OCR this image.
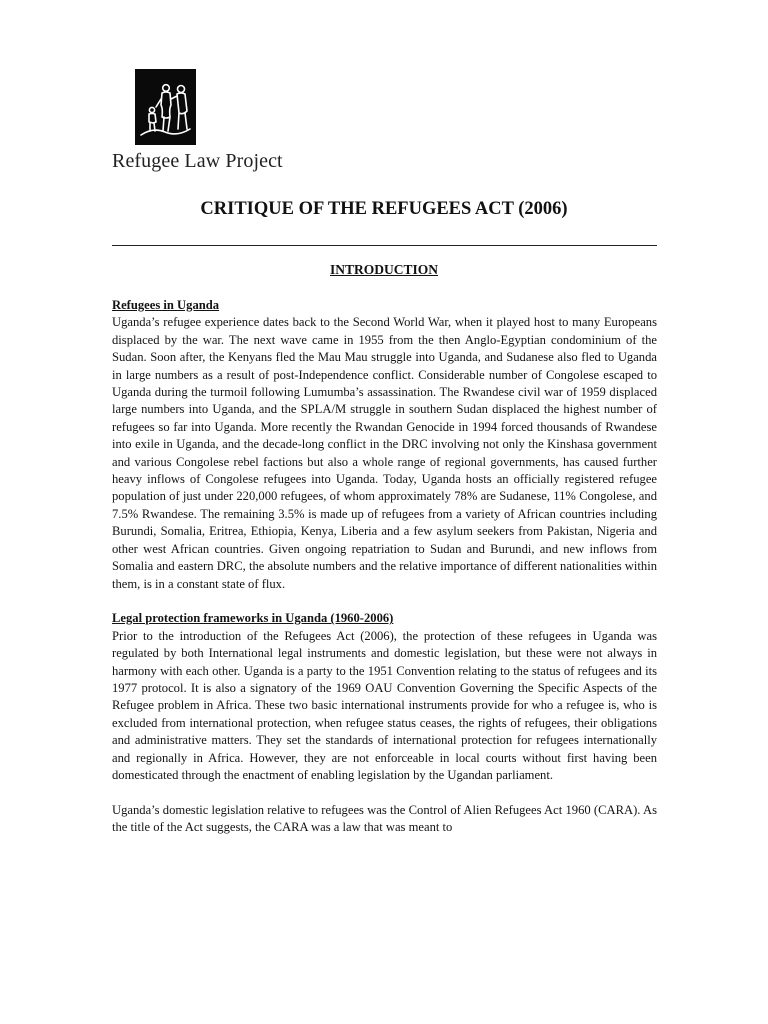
Refugee Law Project
CRITIQUE OF THE REFUGEES ACT (2006)
INTRODUCTION
Refugees in Uganda

Uganda’s refugee experience dates back to the Second World War, when it played host to many Europeans displaced by the war. The next wave came in 1955 from the then Anglo-Egyptian condominium of the Sudan. Soon after, the Kenyans fled the Mau Mau struggle into Uganda, and Sudanese also fled to Uganda in large numbers as a result of post-Independence conflict. Considerable number of Congolese escaped to Uganda during the turmoil following Lumumba’s assassination. The Rwandese civil war of 1959 displaced large numbers into Uganda, and the SPLA/M struggle in southern Sudan displaced the highest number of refugees so far into Uganda. More recently the Rwandan Genocide in 1994 forced thousands of Rwandese into exile in Uganda, and the decade-long conflict in the DRC involving not only the Kinshasa government and various Congolese rebel factions but also a whole range of regional governments, has caused further heavy inflows of Congolese refugees into Uganda. Today, Uganda hosts an officially registered refugee population of just under 220,000 refugees, of whom approximately 78% are Sudanese, 11% Congolese, and 7.5% Rwandese. The remaining 3.5% is made up of refugees from a variety of African countries including Burundi, Somalia, Eritrea, Ethiopia, Kenya, Liberia and a few asylum seekers from Pakistan, Nigeria and other west African countries. Given ongoing repatriation to Sudan and Burundi, and new inflows from Somalia and eastern DRC, the absolute numbers and the relative importance of different nationalities within them, is in a constant state of flux.

Legal protection frameworks in Uganda (1960-2006)

Prior to the introduction of the Refugees Act (2006), the protection of these refugees in Uganda was regulated by both International legal instruments and domestic legislation, but these were not always in harmony with each other. Uganda is a party to the 1951 Convention relating to the status of refugees and its 1977 protocol. It is also a signatory of the 1969 OAU Convention Governing the Specific Aspects of the Refugee problem in Africa. These two basic international instruments provide for who a refugee is, who is excluded from international protection, when refugee status ceases, the rights of refugees, their obligations and administrative matters. They set the standards of international protection for refugees internationally and regionally in Africa. However, they are not enforceable in local courts without first having been domesticated through the enactment of enabling legislation by the Ugandan parliament.

Uganda’s domestic legislation relative to refugees was the Control of Alien Refugees Act 1960 (CARA). As the title of the Act suggests, the CARA was a law that was meant to
